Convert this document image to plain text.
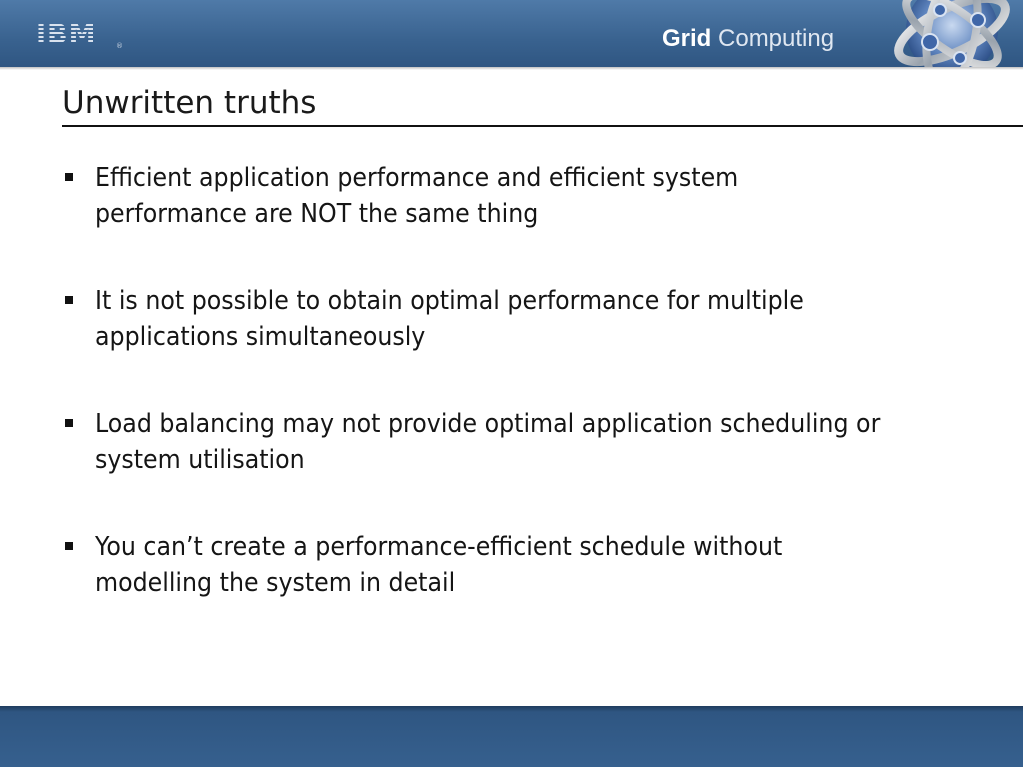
IBM	®	Grid Computing
Unwritten truths
Efficient application performance and efficient system performance are NOT the same thing
It is not possible to obtain optimal performance for multiple applications simultaneously
Load balancing may not provide optimal application scheduling or system utilisation
You can’t create a performance-efficient schedule without modelling the system in detail
